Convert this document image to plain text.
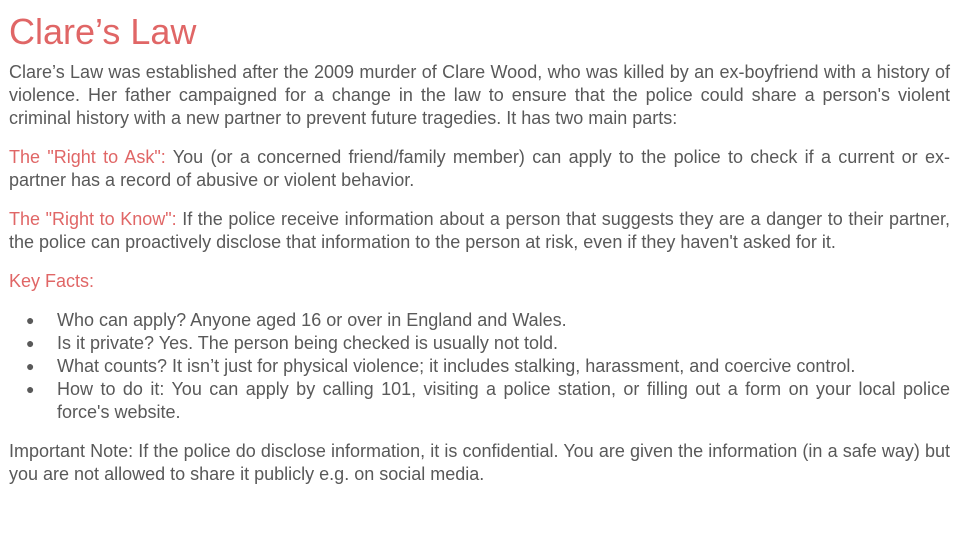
Clare’s Law

Clare’s Law was established after the 2009 murder of Clare Wood, who was killed by an ex-boyfriend with a history of violence. Her father campaigned for a change in the law to ensure that the police could share a person's violent criminal history with a new partner to prevent future tragedies. It has two main parts:

The "Right to Ask": You (or a concerned friend/family member) can apply to the police to check if a current or ex-partner has a record of abusive or violent behavior.

The "Right to Know": If the police receive information about a person that suggests they are a danger to their partner, the police can proactively disclose that information to the person at risk, even if they haven't asked for it.

Key Facts:

● Who can apply? Anyone aged 16 or over in England and Wales.
● Is it private? Yes. The person being checked is usually not told.
● What counts? It isn’t just for physical violence; it includes stalking, harassment, and coercive control.
● How to do it: You can apply by calling 101, visiting a police station, or filling out a form on your local police force's website.

Important Note: If the police do disclose information, it is confidential. You are given the information (in a safe way) but you are not allowed to share it publicly e.g. on social media.
